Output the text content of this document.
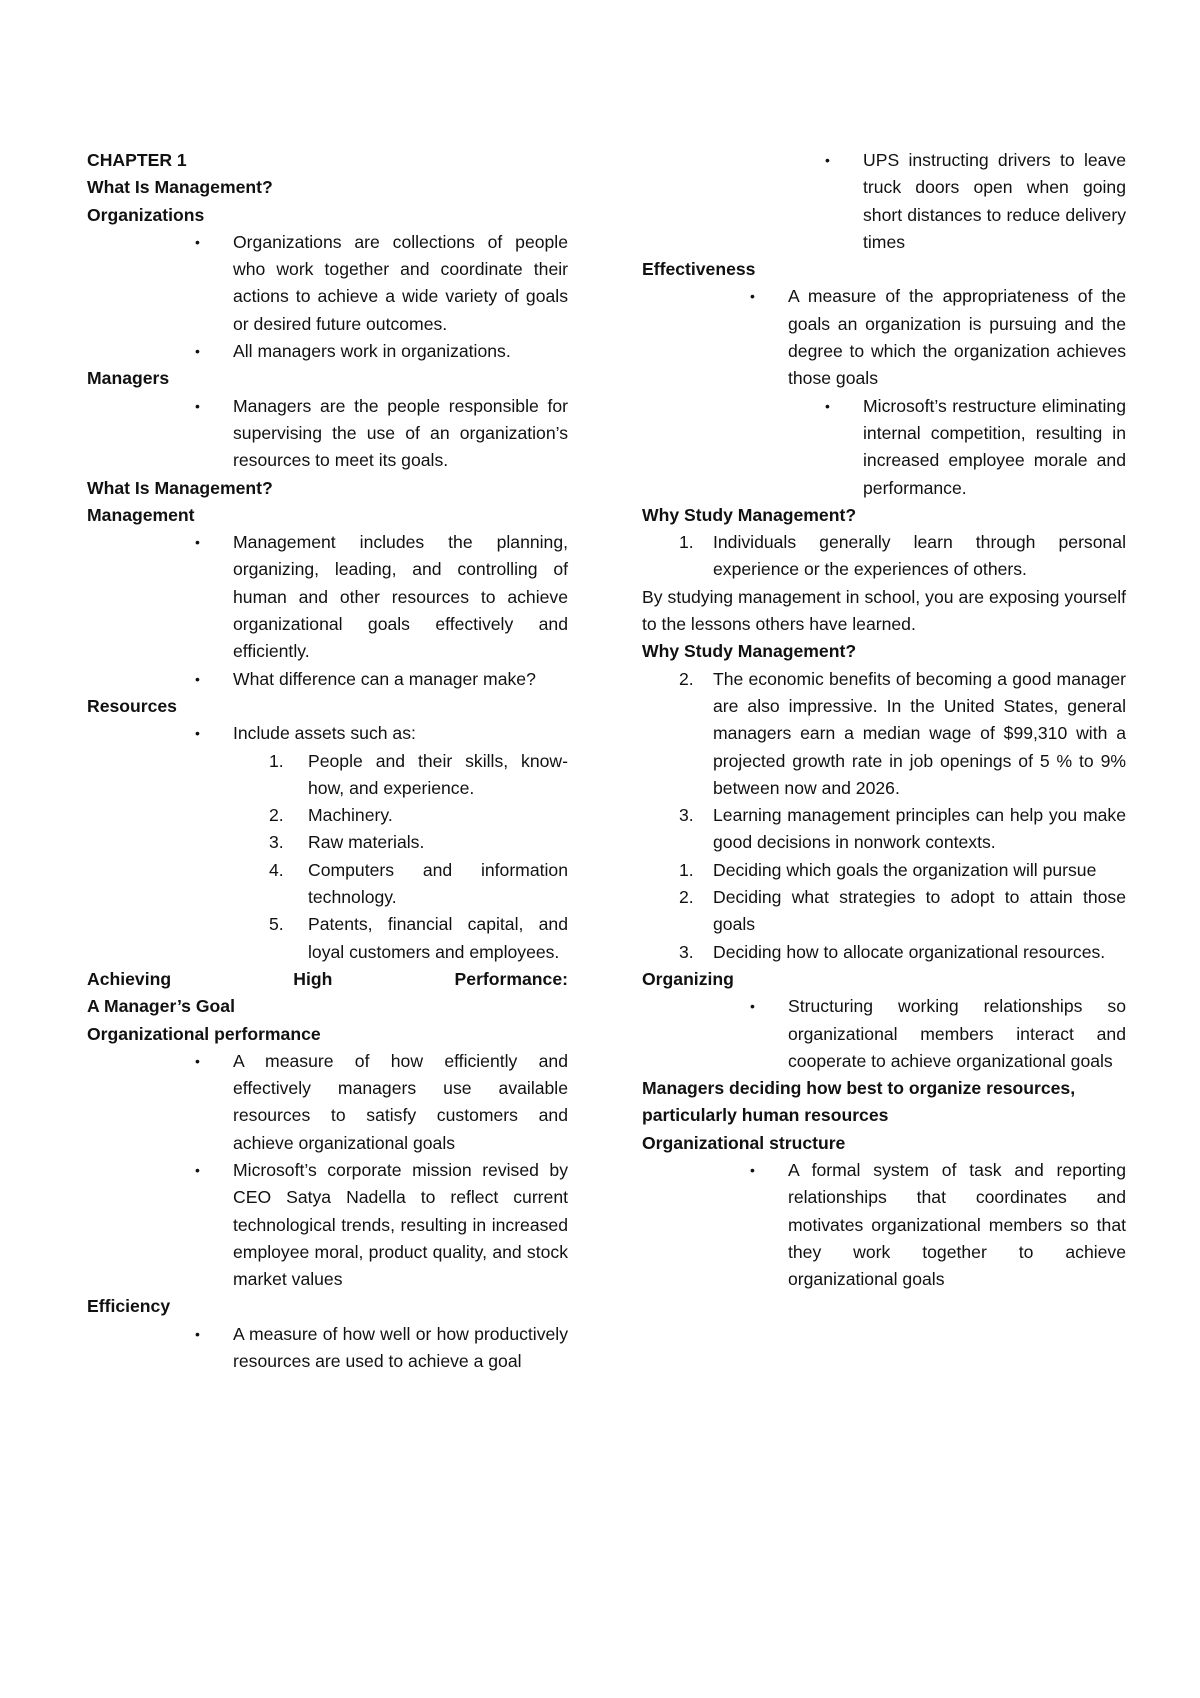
CHAPTER 1
What Is Management?
Organizations
• Organizations are collections of people who work together and coordinate their actions to achieve a wide variety of goals or desired future outcomes.
• All managers work in organizations.
Managers
• Managers are the people responsible for supervising the use of an organization’s resources to meet its goals.
What Is Management?
Management
• Management includes the planning, organizing, leading, and controlling of human and other resources to achieve organizational goals effectively and efficiently.
• What difference can a manager make?
Resources
• Include assets such as:
1. People and their skills, know-how, and experience.
2. Machinery.
3. Raw materials.
4. Computers and information technology.
5. Patents, financial capital, and loyal customers and employees.
Achieving	High	Performance:
A Manager’s Goal
Organizational performance
• A measure of how efficiently and effectively managers use available resources to satisfy customers and achieve organizational goals
• Microsoft’s corporate mission revised by CEO Satya Nadella to reflect current technological trends, resulting in increased employee moral, product quality, and stock market values
Efficiency
• A measure of how well or how productively resources are used to achieve a goal
• UPS instructing drivers to leave truck doors open when going short distances to reduce delivery times
Effectiveness
• A measure of the appropriateness of the goals an organization is pursuing and the degree to which the organization achieves those goals
• Microsoft’s restructure eliminating internal competition, resulting in increased employee morale and performance.
Why Study Management?
1. Individuals generally learn through personal experience or the experiences of others.
By studying management in school, you are exposing yourself to the lessons others have learned.
Why Study Management?
2. The economic benefits of becoming a good manager are also impressive. In the United States, general managers earn a median wage of $99,310 with a projected growth rate in job openings of 5 % to 9% between now and 2026.
3. Learning management principles can help you make good decisions in nonwork contexts.
1. Deciding which goals the organization will pursue
2. Deciding what strategies to adopt to attain those goals
3. Deciding how to allocate organizational resources.
Organizing
• Structuring working relationships so organizational members interact and cooperate to achieve organizational goals
Managers deciding how best to organize resources, particularly human resources
Organizational structure
• A formal system of task and reporting relationships that coordinates and motivates organizational members so that they work together to achieve organizational goals
